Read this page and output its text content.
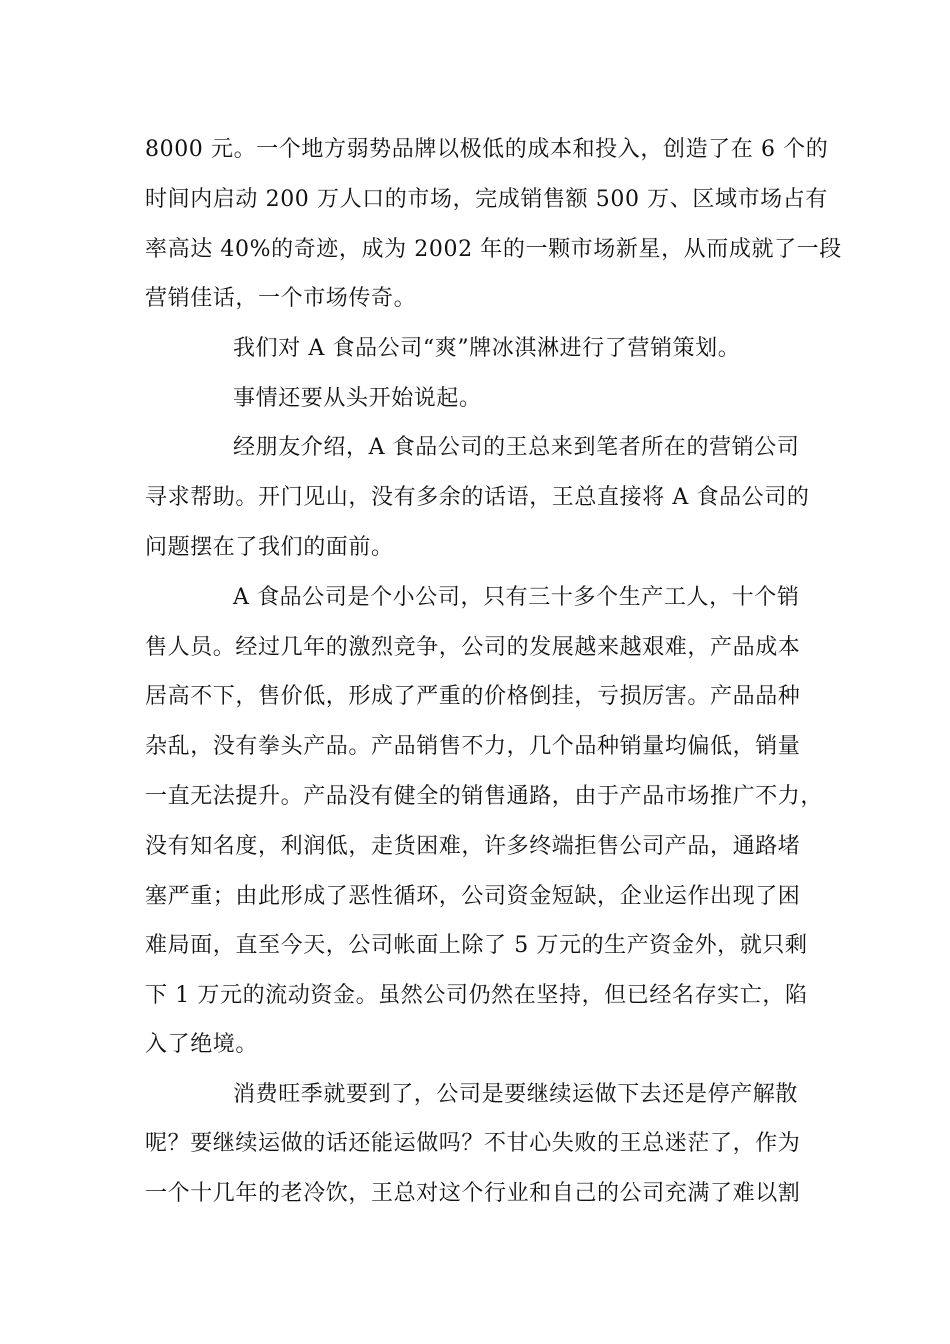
8000 元。一个地方弱势品牌以极低的成本和投入，创造了在 6 个的
时间内启动 200 万人口的市场，完成销售额 500 万、区域市场占有
率高达 40%的奇迹，成为 2002 年的一颗市场新星，从而成就了一段
营销佳话，一个市场传奇。
我们对 A 食品公司“爽”牌冰淇淋进行了营销策划。
事情还要从头开始说起。
经朋友介绍，A 食品公司的王总来到笔者所在的营销公司
寻求帮助。开门见山，没有多余的话语，王总直接将 A 食品公司的
问题摆在了我们的面前。
A 食品公司是个小公司，只有三十多个生产工人，十个销
售人员。经过几年的激烈竞争，公司的发展越来越艰难，产品成本
居高不下，售价低，形成了严重的价格倒挂，亏损厉害。产品品种
杂乱，没有拳头产品。产品销售不力，几个品种销量均偏低，销量
一直无法提升。产品没有健全的销售通路，由于产品市场推广不力，
没有知名度，利润低，走货困难，许多终端拒售公司产品，通路堵
塞严重；由此形成了恶性循环，公司资金短缺，企业运作出现了困
难局面，直至今天，公司帐面上除了 5 万元的生产资金外，就只剩
下 1 万元的流动资金。虽然公司仍然在坚持，但已经名存实亡，陷
入了绝境。
消费旺季就要到了，公司是要继续运做下去还是停产解散
呢？要继续运做的话还能运做吗？不甘心失败的王总迷茫了，作为
一个十几年的老冷饮，王总对这个行业和自己的公司充满了难以割
